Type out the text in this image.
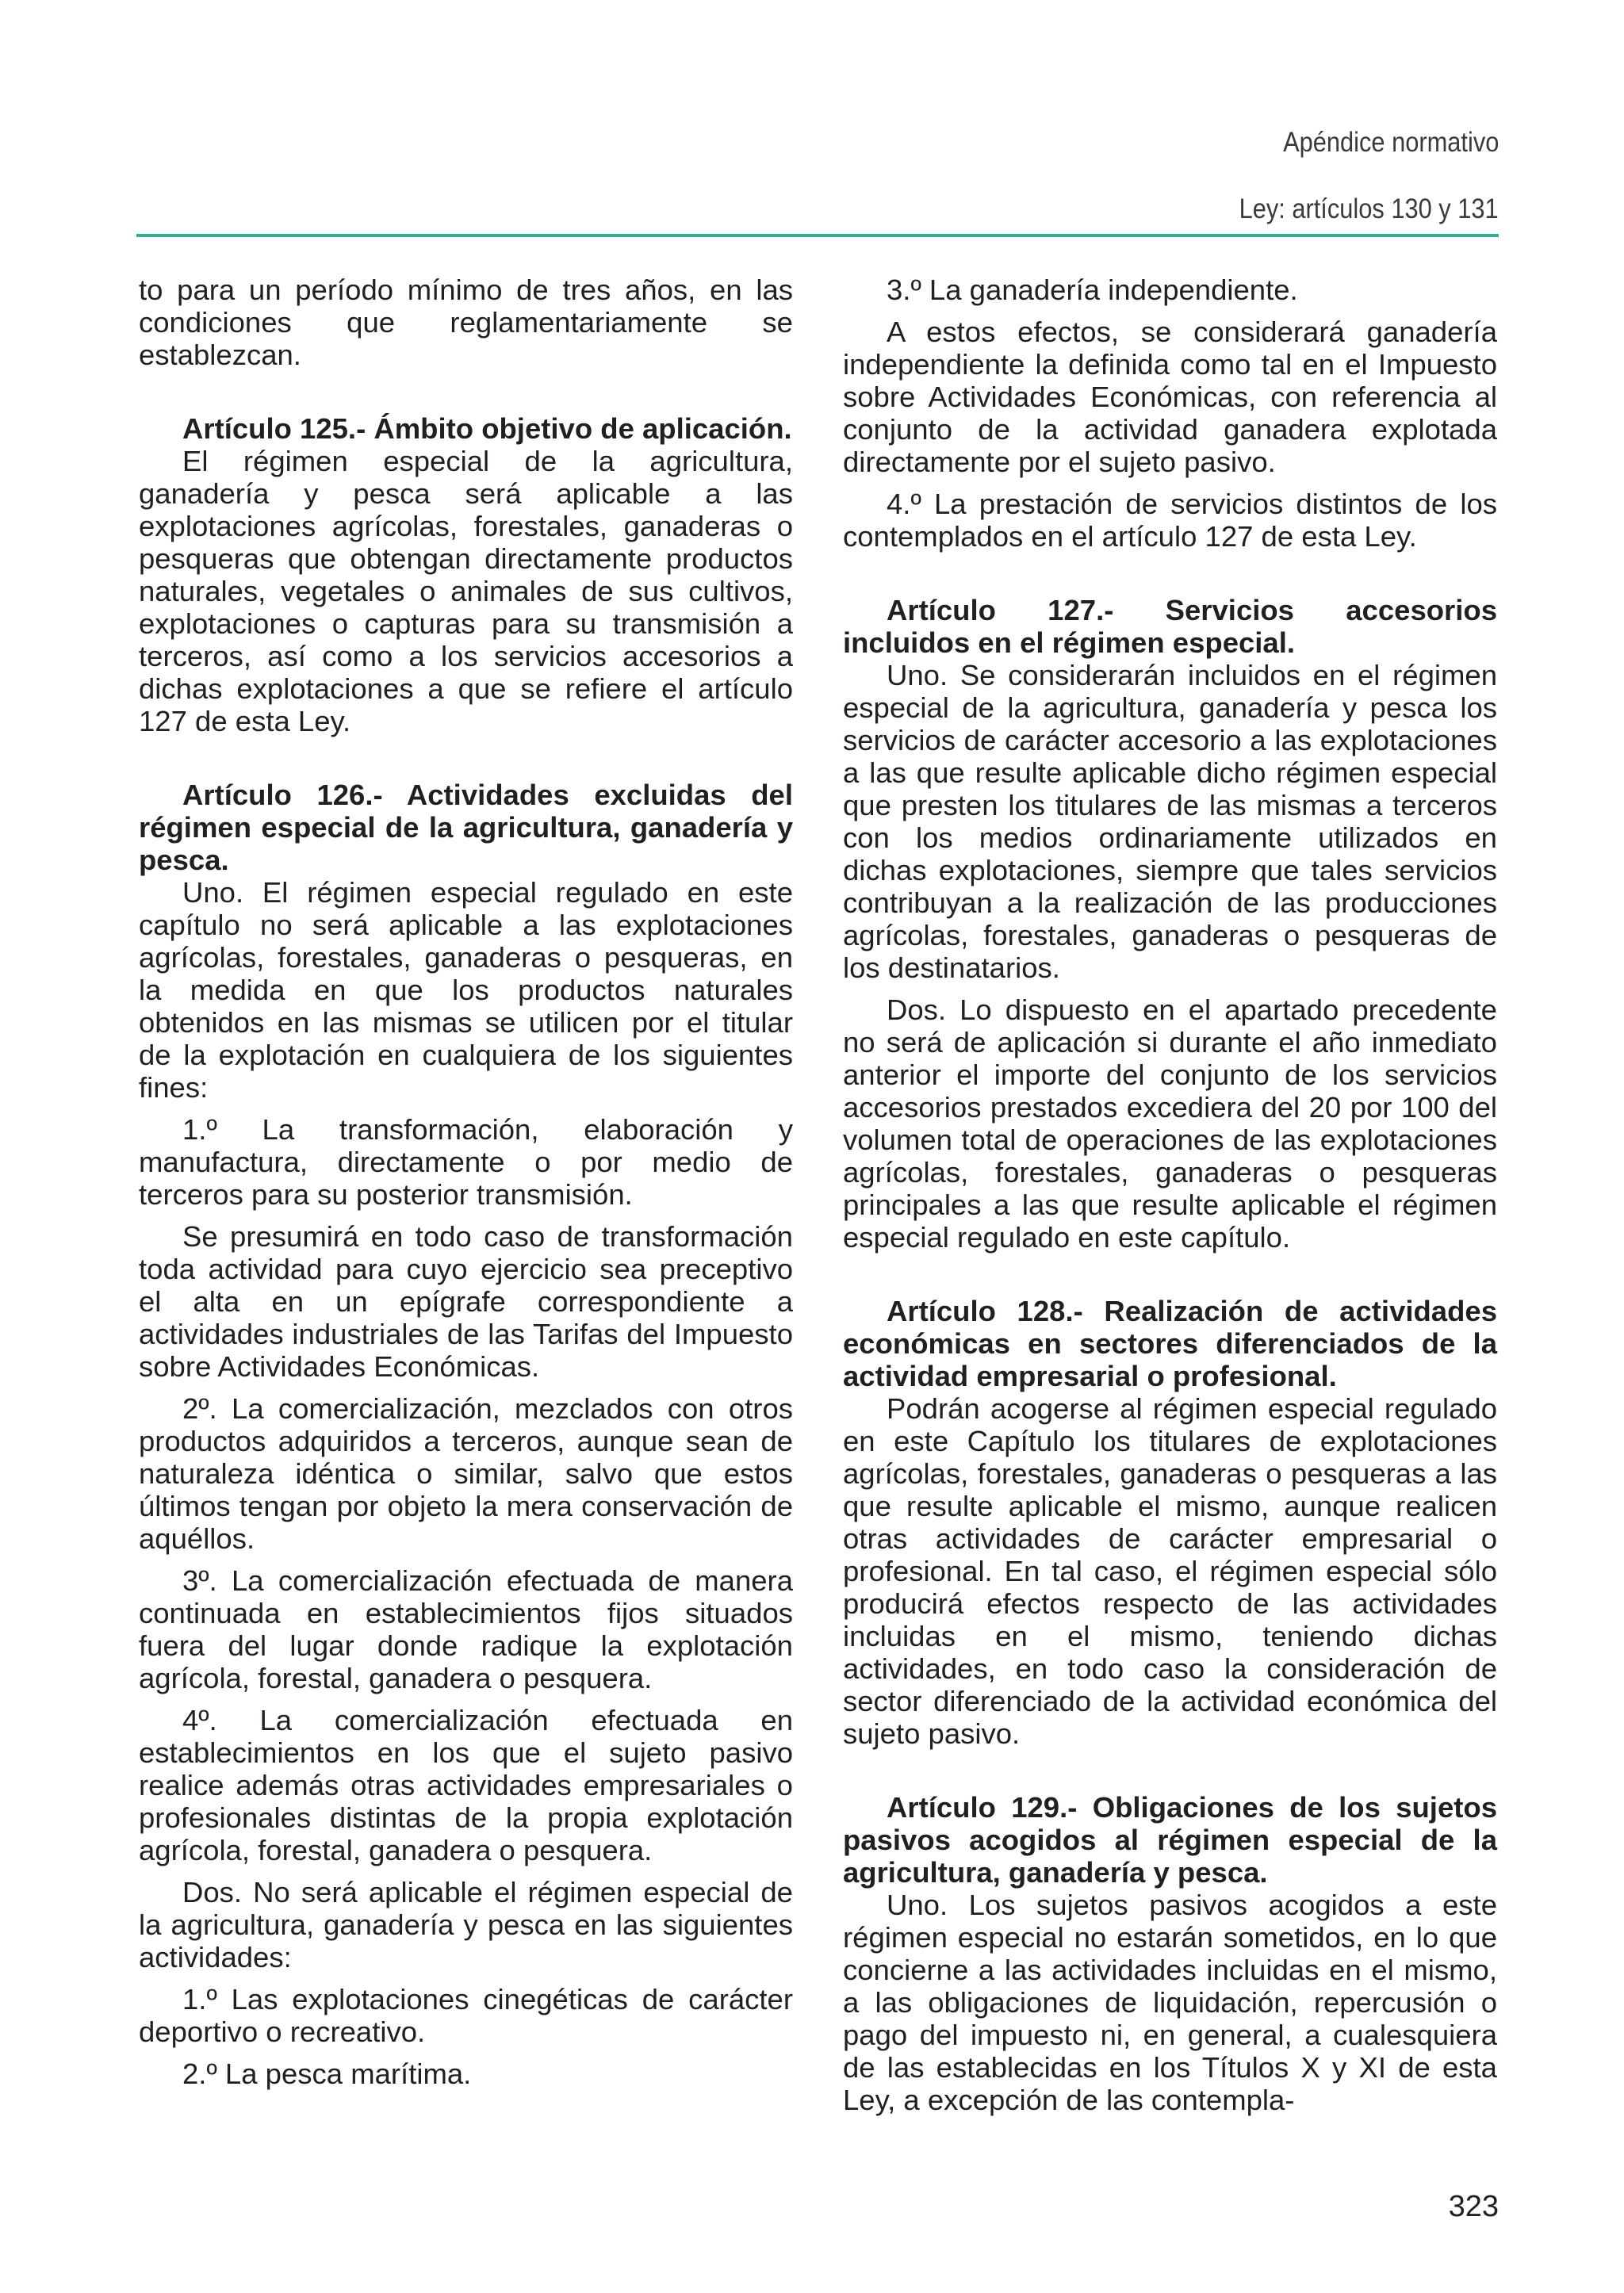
Apéndice normativo
Ley: artículos 130 y 131

to para un período mínimo de tres años, en las condiciones que reglamentariamente se establezcan.

Artículo 125.- Ámbito objetivo de aplicación.

El régimen especial de la agricultura, ganadería y pesca será aplicable a las explotaciones agrícolas, forestales, ganaderas o pesqueras que obtengan directamente productos naturales, vegetales o animales de sus cultivos, explotaciones o capturas para su transmisión a terceros, así como a los servicios accesorios a dichas explotaciones a que se refiere el artículo 127 de esta Ley.

Artículo 126.- Actividades excluidas del régimen especial de la agricultura, ganadería y pesca.

Uno. El régimen especial regulado en este capítulo no será aplicable a las explotaciones agrícolas, forestales, ganaderas o pesqueras, en la medida en que los productos naturales obtenidos en las mismas se utilicen por el titular de la explotación en cualquiera de los siguientes fines:

1.º La transformación, elaboración y manufactura, directamente o por medio de terceros para su posterior transmisión.

Se presumirá en todo caso de transformación toda actividad para cuyo ejercicio sea preceptivo el alta en un epígrafe correspondiente a actividades industriales de las Tarifas del Impuesto sobre Actividades Económicas.

2º. La comercialización, mezclados con otros productos adquiridos a terceros, aunque sean de naturaleza idéntica o similar, salvo que estos últimos tengan por objeto la mera conservación de aquéllos.

3º. La comercialización efectuada de manera continuada en establecimientos fijos situados fuera del lugar donde radique la explotación agrícola, forestal, ganadera o pesquera.

4º. La comercialización efectuada en establecimientos en los que el sujeto pasivo realice además otras actividades empresariales o profesionales distintas de la propia explotación agrícola, forestal, ganadera o pesquera.

Dos. No será aplicable el régimen especial de la agricultura, ganadería y pesca en las siguientes actividades:

1.º Las explotaciones cinegéticas de carácter deportivo o recreativo.

2.º La pesca marítima.

3.º La ganadería independiente.

A estos efectos, se considerará ganadería independiente la definida como tal en el Impuesto sobre Actividades Económicas, con referencia al conjunto de la actividad ganadera explotada directamente por el sujeto pasivo.

4.º La prestación de servicios distintos de los contemplados en el artículo 127 de esta Ley.

Artículo 127.- Servicios accesorios incluidos en el régimen especial.

Uno. Se considerarán incluidos en el régimen especial de la agricultura, ganadería y pesca los servicios de carácter accesorio a las explotaciones a las que resulte aplicable dicho régimen especial que presten los titulares de las mismas a terceros con los medios ordinariamente utilizados en dichas explotaciones, siempre que tales servicios contribuyan a la realización de las producciones agrícolas, forestales, ganaderas o pesqueras de los destinatarios.

Dos. Lo dispuesto en el apartado precedente no será de aplicación si durante el año inmediato anterior el importe del conjunto de los servicios accesorios prestados excediera del 20 por 100 del volumen total de operaciones de las explotaciones agrícolas, forestales, ganaderas o pesqueras principales a las que resulte aplicable el régimen especial regulado en este capítulo.

Artículo 128.- Realización de actividades económicas en sectores diferenciados de la actividad empresarial o profesional.

Podrán acogerse al régimen especial regulado en este Capítulo los titulares de explotaciones agrícolas, forestales, ganaderas o pesqueras a las que resulte aplicable el mismo, aunque realicen otras actividades de carácter empresarial o profesional. En tal caso, el régimen especial sólo producirá efectos respecto de las actividades incluidas en el mismo, teniendo dichas actividades, en todo caso la consideración de sector diferenciado de la actividad económica del sujeto pasivo.

Artículo 129.- Obligaciones de los sujetos pasivos acogidos al régimen especial de la agricultura, ganadería y pesca.

Uno. Los sujetos pasivos acogidos a este régimen especial no estarán sometidos, en lo que concierne a las actividades incluidas en el mismo, a las obligaciones de liquidación, repercusión o pago del impuesto ni, en general, a cualesquiera de las establecidas en los Títulos X y XI de esta Ley, a excepción de las contempla-

323
